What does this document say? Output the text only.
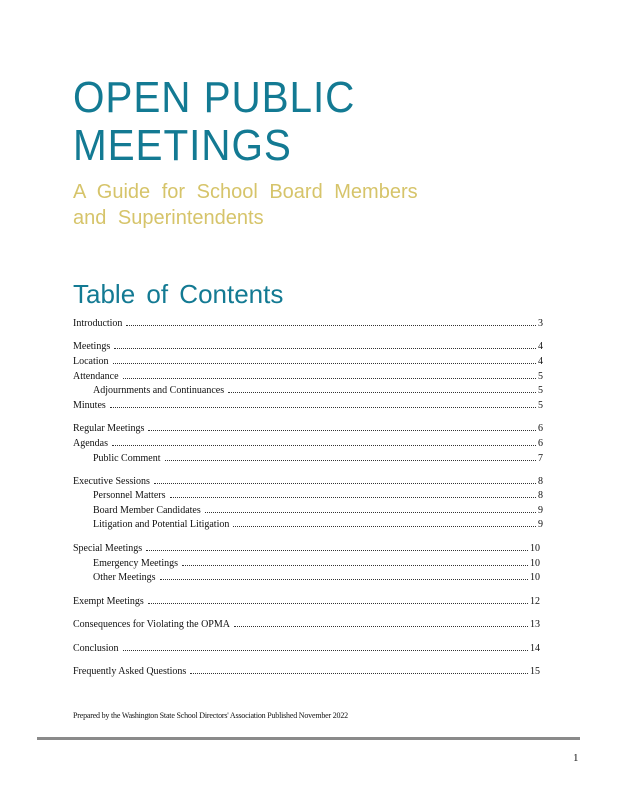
OPEN PUBLIC
MEETINGS
A Guide for School Board Members
and Superintendents
Table of Contents
Introduction	3
Meetings	4
Location	4
Attendance	5
Adjournments and Continuances	5
Minutes	5
Regular Meetings	6
Agendas	6
Public Comment	7
Executive Sessions	8
Personnel Matters	8
Board Member Candidates	9
Litigation and Potential Litigation	9
Special Meetings	10
Emergency Meetings	10
Other Meetings	10
Exempt Meetings	12
Consequences for Violating the OPMA	13
Conclusion	14
Frequently Asked Questions	15
Prepared by the Washington State School Directors' Association Published November 2022
1
